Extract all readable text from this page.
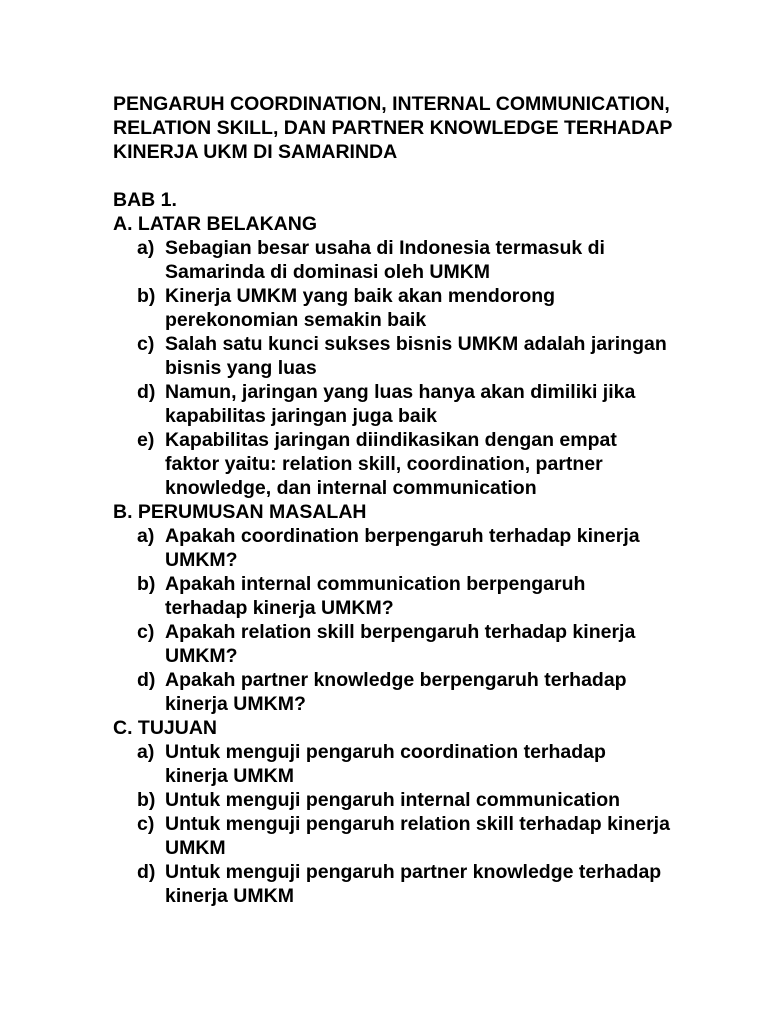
PENGARUH COORDINATION, INTERNAL COMMUNICATION, RELATION SKILL, DAN PARTNER KNOWLEDGE TERHADAP KINERJA UKM DI SAMARINDA
BAB 1.
A. LATAR BELAKANG
a) Sebagian besar usaha di Indonesia termasuk di Samarinda di dominasi oleh UMKM
b) Kinerja UMKM yang baik akan mendorong perekonomian semakin baik
c) Salah satu kunci sukses bisnis UMKM adalah jaringan bisnis yang luas
d) Namun, jaringan yang luas hanya akan dimiliki jika kapabilitas jaringan juga baik
e) Kapabilitas jaringan diindikasikan dengan empat faktor yaitu: relation skill, coordination, partner knowledge, dan internal communication
B. PERUMUSAN MASALAH
a) Apakah coordination berpengaruh terhadap kinerja UMKM?
b) Apakah internal communication berpengaruh terhadap kinerja UMKM?
c) Apakah relation skill berpengaruh terhadap kinerja UMKM?
d) Apakah partner knowledge berpengaruh terhadap kinerja UMKM?
C. TUJUAN
a) Untuk menguji pengaruh coordination terhadap kinerja UMKM
b) Untuk menguji pengaruh internal communication
c) Untuk menguji pengaruh relation skill terhadap kinerja UMKM
d) Untuk menguji pengaruh partner knowledge terhadap kinerja UMKM
